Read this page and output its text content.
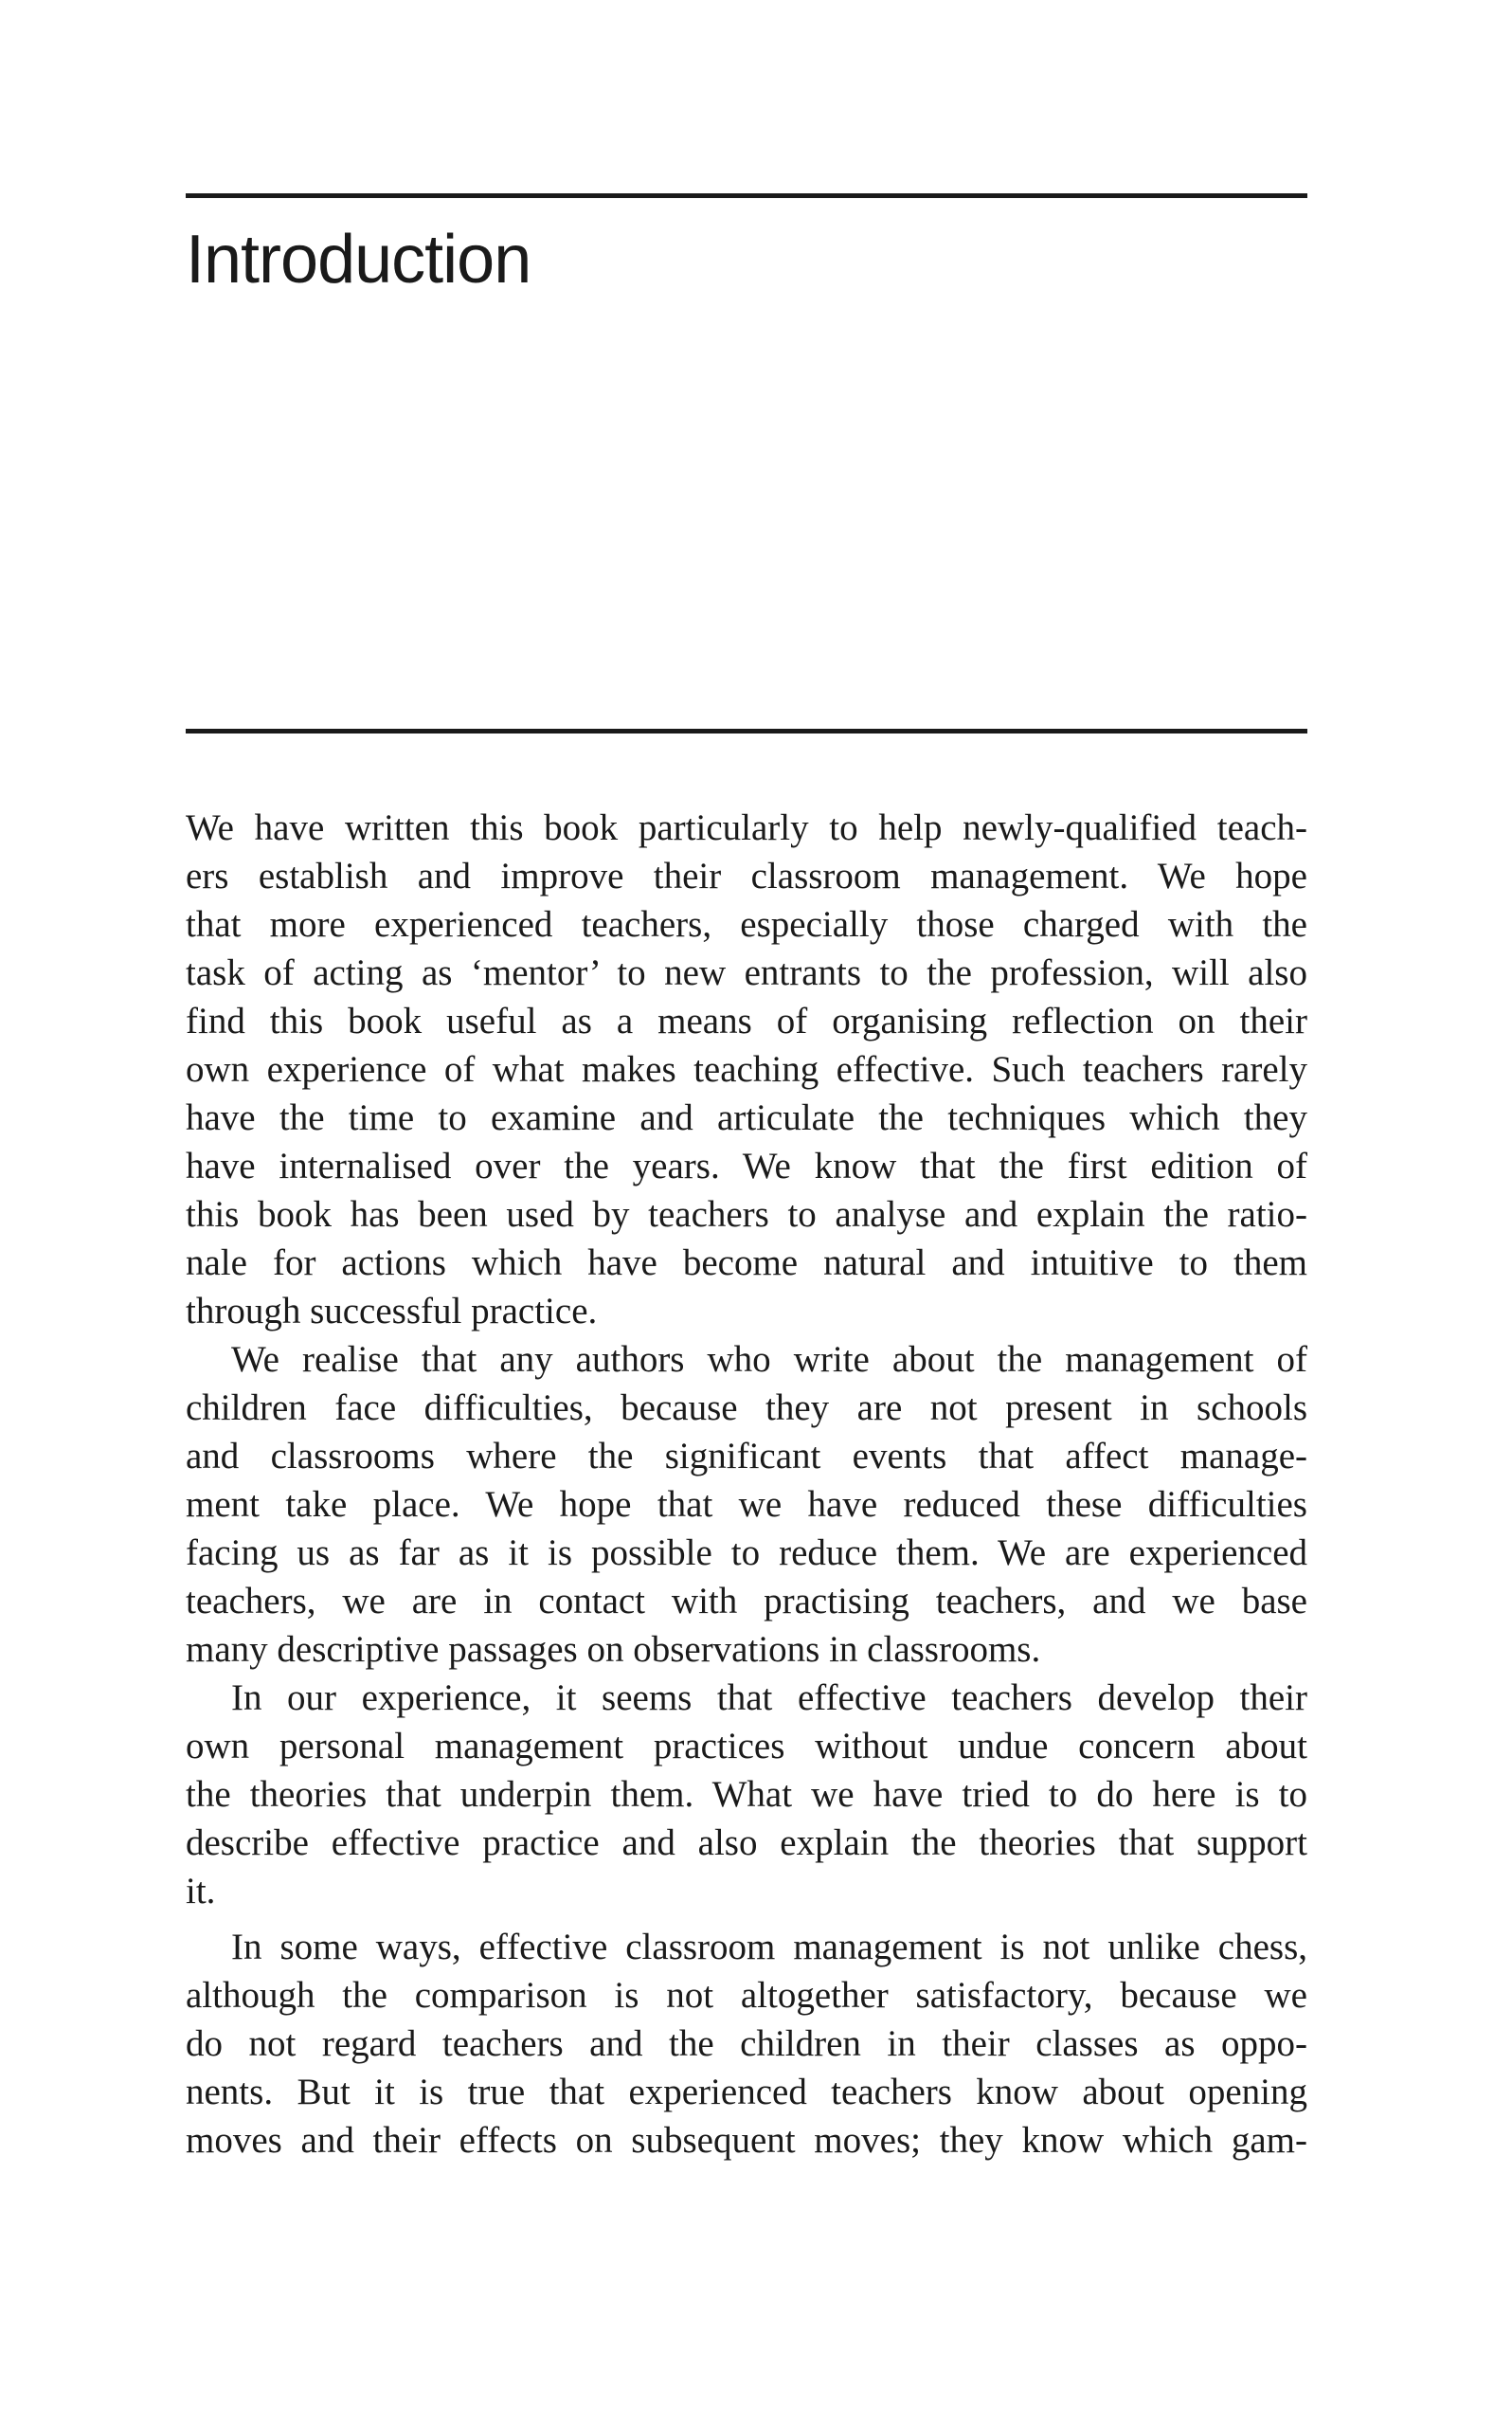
Introduction
We have written this book particularly to help newly-qualified teach-
ers establish and improve their classroom management. We hope
that more experienced teachers, especially those charged with the
task of acting as ‘mentor’ to new entrants to the profession, will also
find this book useful as a means of organising reflection on their
own experience of what makes teaching effective. Such teachers rarely
have the time to examine and articulate the techniques which they
have internalised over the years. We know that the first edition of
this book has been used by teachers to analyse and explain the ratio-
nale for actions which have become natural and intuitive to them
through successful practice.
We realise that any authors who write about the management of
children face difficulties, because they are not present in schools
and classrooms where the significant events that affect manage-
ment take place. We hope that we have reduced these difficulties
facing us as far as it is possible to reduce them. We are experienced
teachers, we are in contact with practising teachers, and we base
many descriptive passages on observations in classrooms.
In our experience, it seems that effective teachers develop their
own personal management practices without undue concern about
the theories that underpin them. What we have tried to do here is to
describe effective practice and also explain the theories that support
it.
In some ways, effective classroom management is not unlike chess,
although the comparison is not altogether satisfactory, because we
do not regard teachers and the children in their classes as oppo-
nents. But it is true that experienced teachers know about opening
moves and their effects on subsequent moves; they know which gam-
